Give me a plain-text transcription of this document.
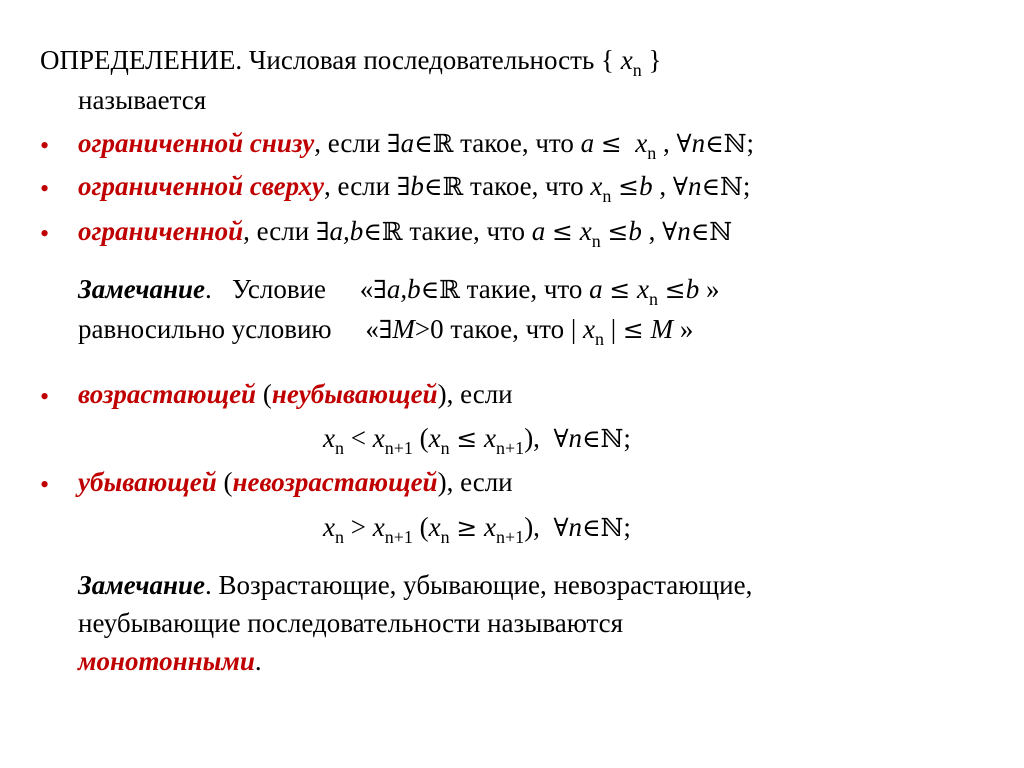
ОПРЕДЕЛЕНИЕ. Числовая последовательность { $x_n$ }
называется
• ограниченной снизу, если ∃a∈ℝ такое, что $a \le x_n$ , ∀n∈ℕ;
• ограниченной сверху, если ∃b∈ℝ такое, что $x_n \le b$ , ∀n∈ℕ;
• ограниченной, если ∃a,b∈ℝ такие, что $a \le x_n \le b$ , ∀n∈ℕ
Замечание. Условие «∃a,b∈ℝ такие, что $a \le x_n \le b$ »
равносильно условию «∃M>0 такое, что | $x_n$ | ≤ M »
• возрастающей (неубывающей), если
$x_n < x_{n+1}$ $(x_n \le x_{n+1})$,  ∀n∈ℕ;
• убывающей (невозрастающей), если
$x_n > x_{n+1}$ $(x_n \ge x_{n+1})$,  ∀n∈ℕ;
Замечание. Возрастающие, убывающие, невозрастающие,
неубывающие последовательности называются
монотонными.
